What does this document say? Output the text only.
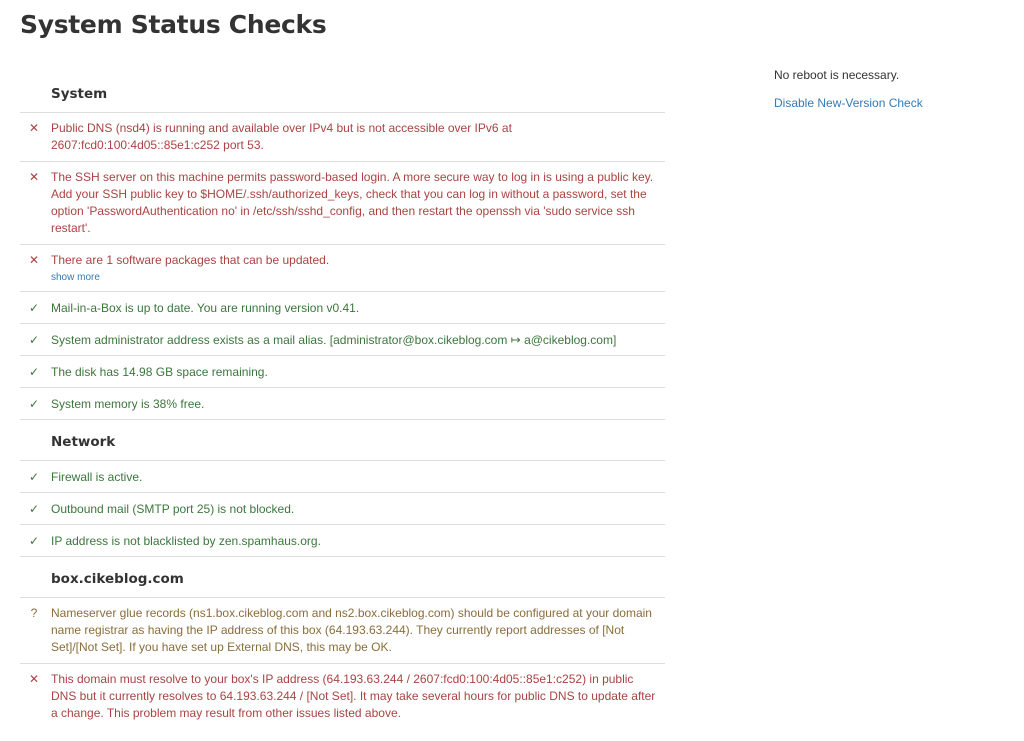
System Status Checks
System
✕ Public DNS (nsd4) is running and available over IPv4 but is not accessible over IPv6 at 2607:fcd0:100:4d05::85e1:c252 port 53.
✕ The SSH server on this machine permits password-based login. A more secure way to log in is using a public key. Add your SSH public key to $HOME/.ssh/authorized_keys, check that you can log in without a password, set the option 'PasswordAuthentication no' in /etc/ssh/sshd_config, and then restart the openssh via 'sudo service ssh restart'.
✕ There are 1 software packages that can be updated.
show more
✓ Mail-in-a-Box is up to date. You are running version v0.41.
✓ System administrator address exists as a mail alias. [administrator@box.cikeblog.com ↦ a@cikeblog.com]
✓ The disk has 14.98 GB space remaining.
✓ System memory is 38% free.
Network
✓ Firewall is active.
✓ Outbound mail (SMTP port 25) is not blocked.
✓ IP address is not blacklisted by zen.spamhaus.org.
box.cikeblog.com
?	Nameserver glue records (ns1.box.cikeblog.com and ns2.box.cikeblog.com) should be configured at your domain name registrar as having the IP address of this box (64.193.63.244). They currently report addresses of [Not Set]/[Not Set]. If you have set up External DNS, this may be OK.
✕ This domain must resolve to your box's IP address (64.193.63.244 / 2607:fcd0:100:4d05::85e1:c252) in public DNS but it currently resolves to 64.193.63.244 / [Not Set]. It may take several hours for public DNS to update after a change. This problem may result from other issues listed above.
No reboot is necessary.
Disable New-Version Check
